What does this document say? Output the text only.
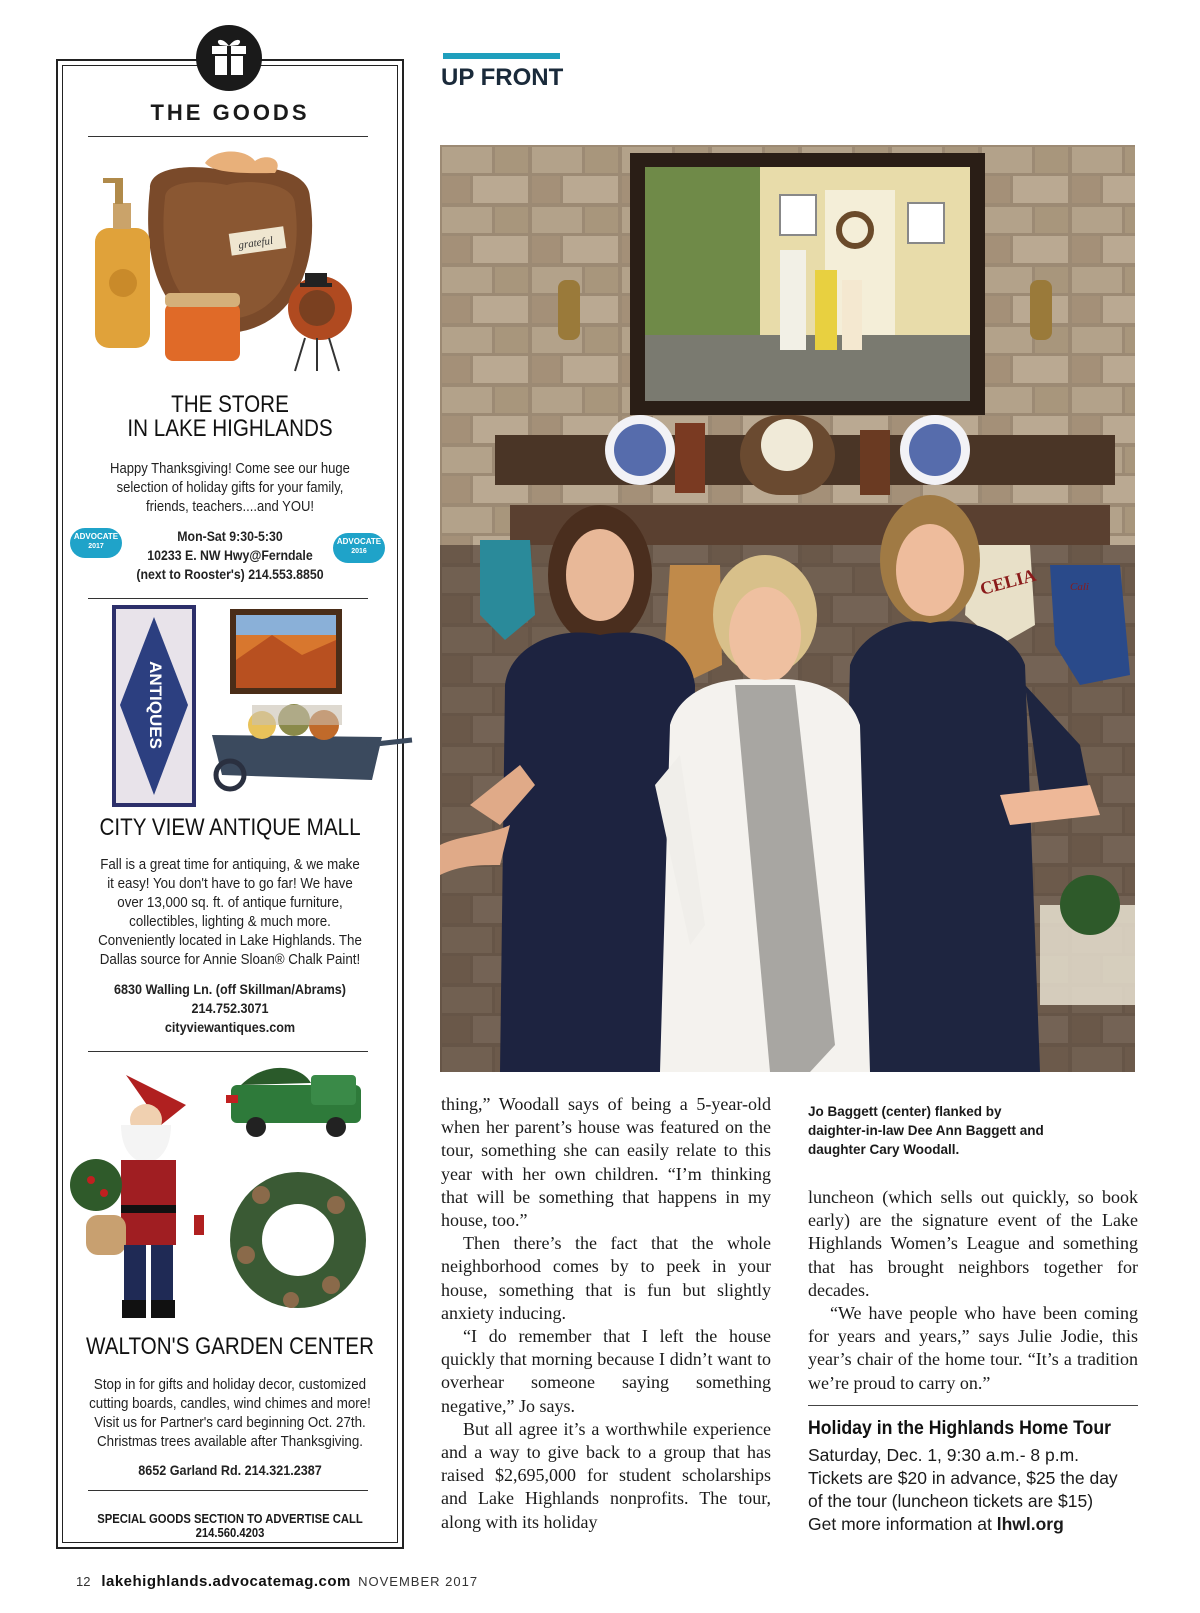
THE GOODS
grateful
THE STORE
IN LAKE HIGHLANDS
Happy Thanksgiving! Come see our huge
selection of holiday gifts for your family,
friends, teachers....and YOU!
Mon-Sat 9:30-5:30
10233 E. NW Hwy@Ferndale
(next to Rooster's) 214.553.8850
ADVOCATE
2017
ADVOCATE
2016
ANTIQUES
CITY VIEW ANTIQUE MALL
Fall is a great time for antiquing, & we make
it easy! You don't have to go far! We have
over 13,000 sq. ft. of antique furniture,
collectibles, lighting & much more.
Conveniently located in Lake Highlands. The
Dallas source for Annie Sloan® Chalk Paint!
6830 Walling Ln. (off Skillman/Abrams)
214.752.3071
cityviewantiques.com
WALTON'S GARDEN CENTER
Stop in for gifts and holiday decor, customized
cutting boards, candles, wind chimes and more!
Visit us for Partner's card beginning Oct. 27th.
Christmas trees available after Thanksgiving.
8652 Garland Rd. 214.321.2387
SPECIAL GOODS SECTION TO ADVERTISE CALL 214.560.4203
UP FRONT
CELIA	Cali

thing,” Woodall says of being a 5-year-old when her parent’s house was featured on the tour, something she can easily relate to this year with her own children. “I’m thinking that will be something that happens in my house, too.”

Then there’s the fact that the whole neighborhood comes by to peek in your house, something that is fun but slightly anxiety inducing.

“I do remember that I left the house quickly that morning because I didn’t want to overhear someone saying something negative,” Jo says.

But all agree it’s a worthwhile experience and a way to give back to a group that has raised $2,695,000 for student scholarships and Lake Highlands nonprofits. The tour, along with its holiday

Jo Baggett (center) flanked by
daighter-in-law Dee Ann Baggett and
daughter Cary Woodall.

luncheon (which sells out quickly, so book early) are the signature event of the Lake Highlands Women’s League and something that has brought neighbors together for decades.

“We have people who have been coming for years and years,” says Julie Jodie, this year’s chair of the home tour. “It’s a tradition we’re proud to carry on.”

Holiday in the Highlands Home Tour
Saturday, Dec. 1, 9:30 a.m.- 8 p.m.
Tickets are $20 in advance, $25 the day
of the tour (luncheon tickets are $15)
Get more information at lhwl.org
12 lakehighlands.advocatemag.com NOVEMBER 2017
